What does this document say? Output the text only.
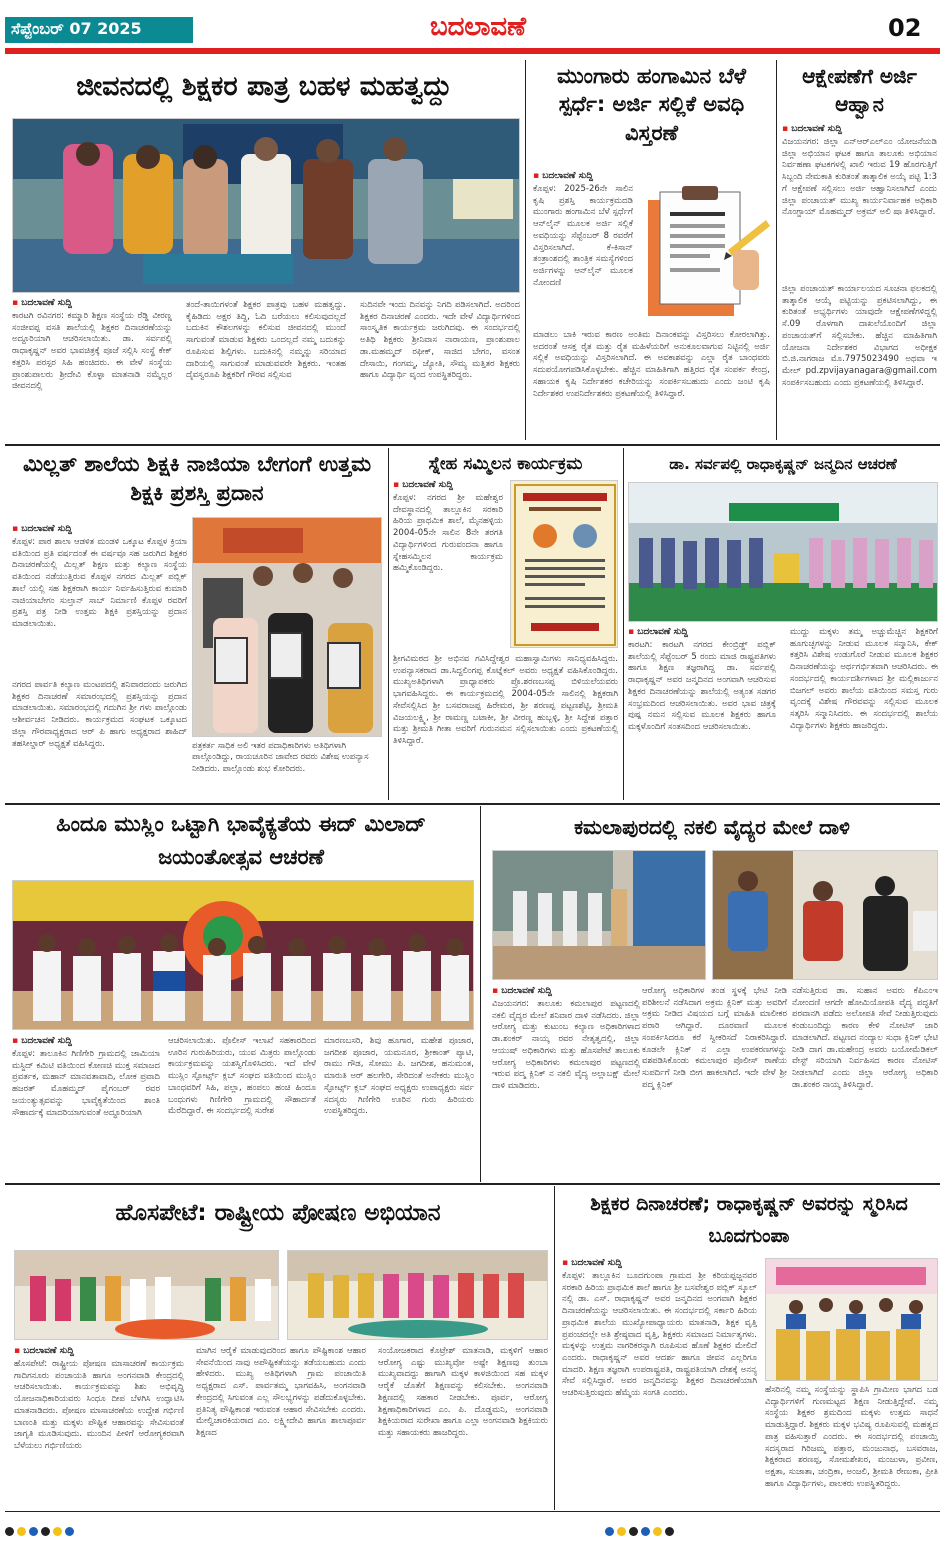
ಸೆಪ್ಟೆಂಬರ್ 07 2025	ಬದಲಾವಣೆ	02
ಜೀವನದಲ್ಲಿ ಶಿಕ್ಷಕರ ಪಾತ್ರ ಬಹಳ ಮಹತ್ವದ್ದು
▪ ಬದಲಾವಣೆ ಸುದ್ದಿ
ಕಾರಟಗಿ ರವಿನಗರ: ಕಮ್ಮಾರಿ ಶಿಕ್ಷಣ ಸಂಸ್ಥೆಯ ರೆಡ್ಡಿ ವೀರಣ್ಣ ಸಂಜೀವಪ್ಪ ವಸತಿ ಶಾಲೆಯಲ್ಲಿ ಶಿಕ್ಷಕರ ದಿನಾಚರಣೆಯನ್ನು ಅದ್ದೂರಿಯಾಗಿ ಆಚರಿಸಲಾಯಿತು. ಡಾ. ಸರ್ವಪಲ್ಲಿ ರಾಧಾಕೃಷ್ಣನ್ ಅವರ ಭಾವಚಿತ್ರಕ್ಕೆ ಪೂಜೆ ಸಲ್ಲಿಸಿ ಸಂಸ್ಥೆ ಕೇಕ್ ಕತ್ತರಿಸಿ ಪರಸ್ಪರ ಸಿಹಿ ಹಂಚಿದರು. ಈ ವೇಳೆ ಸಂಸ್ಥೆಯ ಪ್ರಾಂಶುಪಾಲರು ಶ್ರೀದೇವಿ ಕೊಳ್ಳಾ ಮಾತನಾಡಿ ನಮ್ಮೆಲ್ಲರ ಜೀವನದಲ್ಲಿ
ತಂದೆ-ತಾಯಿಗಳಂತೆ ಶಿಕ್ಷಕರ ಪಾತ್ರವು ಬಹಳ ಮಹತ್ವದ್ದು. ಕೈಹಿಡಿದು ಅಕ್ಷರ ತಿದ್ದಿ, ಓದಿ ಬರೆಯಲು ಕಲಿಸುವುದಲ್ಲದೆ ಬದುಕಿನ ಕೌಶಲಗಳನ್ನು ಕಲಿಸುವ ಜೀವನದಲ್ಲಿ ಮುಂದೆ ಸಾಗುವಂತೆ ಮಾಡುವ ಶಿಕ್ಷಕರು ಒಂದಲ್ಲದೆ ನಮ್ಮ ಬದುಕನ್ನು ರೂಪಿಸುವ ಶಿಲ್ಪಿಗಳು. ಬದುಕಿನಲ್ಲಿ ನಮ್ಮನ್ನು ಸರಿಯಾದ ದಾರಿಯಲ್ಲಿ ಸಾಗುವಂತೆ ಮಾಡುವವರೇ ಶಿಕ್ಷಕರು. ಇಂತಹ ದೈವಸ್ವರೂಪಿ ಶಿಕ್ಷಕರಿಗೆ ಗೌರವ ಸಲ್ಲಿಸುವ
ಸುದಿನವೇ ಇಂದು ದಿನವನ್ನು ನಿಗದಿ ಪಡಿಸಲಾಗಿದೆ. ಅದರಿಂದ ಶಿಕ್ಷಕರ ದಿನಾಚರಣೆ ಎಂದರು. ಇದೇ ವೇಳೆ ವಿದ್ಯಾರ್ಥಿಗಳಿಂದ ಸಾಂಸ್ಕೃತಿಕ ಕಾರ್ಯಕ್ರಮ ಜರುಗಿದವು. ಈ ಸಂದರ್ಭದಲ್ಲಿ ಅತಿಥಿ ಶಿಕ್ಷಕರು ಶ್ರೀನಿವಾಸ ನಾರಾಯಣ, ಪ್ರಾಂಶುಪಾಲ ಡಾ.ಮಹಮ್ಮದ್ ರಫೀಕ್, ಸಾಜಿದ ಬೇಗಂ, ವಸಂತ ದೇಸಾಯಿ, ಗಂಗಮ್ಮ, ಜ್ಯೋತಿ, ಸೌಮ್ಯ ಮತ್ತಿತರ ಶಿಕ್ಷಕರು ಹಾಗೂ ವಿದ್ಯಾರ್ಥಿ ವೃಂದ ಉಪಸ್ಥಿತರಿದ್ದರು.
ಮುಂಗಾರು ಹಂಗಾಮಿನ ಬೆಳೆ ಸ್ಪರ್ಧೆ: ಅರ್ಜಿ ಸಲ್ಲಿಕೆ ಅವಧಿ ವಿಸ್ತರಣೆ
▪ ಬದಲಾವಣೆ ಸುದ್ದಿ
ಕೊಪ್ಪಳ: 2025-26ನೇ ಸಾಲಿನ ಕೃಷಿ ಪ್ರಶಸ್ತಿ ಕಾರ್ಯಕ್ರಮದಡಿ ಮುಂಗಾರು ಹಂಗಾಮಿನ ಬೆಳೆ ಸ್ಪರ್ಧೆಗೆ ಆನ್‌ಲೈನ್ ಮೂಲಕ ಅರ್ಜಿ ಸಲ್ಲಿಕೆ ಅವಧಿಯನ್ನು ಸೆಪ್ಟೆಂಬರ್ 8 ರವರೆಗೆ ವಿಸ್ತರಿಸಲಾಗಿದೆ. ಕೆ-ಕಿಸಾನ್ ತಂತ್ರಾಂಶದಲ್ಲಿ ತಾಂತ್ರಿಕ ಸಮಸ್ಯೆಗಳಿಂದ ಅರ್ಜಿಗಳನ್ನು ಆನ್‌ಲೈನ್ ಮೂಲಕ ನೋಂದಣಿ
ಮಾಡಲು ಬಾಕಿ ಇರುವ ಕಾರಣ ಅಂತಿಮ ದಿನಾಂಕವನ್ನು ವಿಸ್ತರಿಸಲು ಕೋರಲಾಗಿತ್ತು. ಅದರಂತೆ ಆಸಕ್ತ ರೈತ ಮತ್ತು ರೈತ ಮಹಿಳೆಯರಿಗೆ ಅನುಕೂಲವಾಗುವ ನಿಟ್ಟಿನಲ್ಲಿ ಅರ್ಜಿ ಸಲ್ಲಿಕೆ ಅವಧಿಯನ್ನು ವಿಸ್ತರಿಸಲಾಗಿದೆ. ಈ ಅವಕಾಶವನ್ನು ಎಲ್ಲಾ ರೈತ ಬಾಂಧವರು ಸದುಪಯೋಗಪಡಿಸಿಕೊಳ್ಳಬೇಕು. ಹೆಚ್ಚಿನ ಮಾಹಿತಿಗಾಗಿ ಹತ್ತಿರದ ರೈತ ಸಂಪರ್ಕ ಕೇಂದ್ರ, ಸಹಾಯಕ ಕೃಷಿ ನಿರ್ದೇಶಕರ ಕಚೇರಿಯನ್ನು ಸಂಪರ್ಕಿಸಬಹುದು ಎಂದು ಜಂಟಿ ಕೃಷಿ ನಿರ್ದೇಶಕರ ಉಪನಿರ್ದೇಶಕರು ಪ್ರಕಟಣೆಯಲ್ಲಿ ತಿಳಿಸಿದ್ದಾರೆ.
ಆಕ್ಷೇಪಣೆಗೆ ಅರ್ಜಿ ಆಹ್ವಾನ
▪ ಬದಲಾವಣೆ ಸುದ್ದಿ
ವಿಜಯನಗರ: ಜಿಲ್ಲಾ ಎನ್‌ಆರ್‌ಎಲ್‌ಎಂ ಯೋಜನೆಯಡಿ ಜಿಲ್ಲಾ ಅಭಿಯಾನ ಘಟಕ ಹಾಗೂ ತಾಲೂಕು ಅಭಿಯಾನ ನಿರ್ವಹಣಾ ಘಟಕಗಳಲ್ಲಿ ಖಾಲಿ ಇರುವ 19 ಹೊರಗುತ್ತಿಗೆ ಸಿಬ್ಬಂದಿ ನೇಮಕಾತಿ ಕುರಿತಂತೆ ತಾತ್ಕಾಲಿಕ ಅಯ್ಕೆ ಪಟ್ಟಿ 1:3 ಗೆ ಆಕ್ಷೇಪಣೆ ಸಲ್ಲಿಸಲು ಅರ್ಜಿ ಆಹ್ವಾನಿಸಲಾಗಿದೆ ಎಂದು ಜಿಲ್ಲಾ ಪಂಚಾಯತ್ ಮುಖ್ಯ ಕಾರ್ಯನಿರ್ವಾಹಕ ಅಧಿಕಾರಿ ನೊಂಗ್ಜಾಯ್ ಮೊಹಮ್ಮದ್ ಅಕ್ರಮ್ ಅಲಿ ಷಾ ತಿಳಿಸಿದ್ದಾರೆ.
ಜಿಲ್ಲಾ ಪಂಚಾಯತ್ ಕಾರ್ಯಾಲಯದ ಸೂಚನಾ ಫಲಕದಲ್ಲಿ ತಾತ್ಕಾಲಿಕ ಆಯ್ಕೆ ಪಟ್ಟಿಯನ್ನು ಪ್ರಕಟಿಸಲಾಗಿದ್ದು, ಈ ಕುರಿತಂತೆ ಅಭ್ಯರ್ಥಿಗಳು ಯಾವುದೇ ಆಕ್ಷೇಪಣೆಗಳಿದ್ದಲ್ಲಿ ಸೆ.09 ರೊಳಗಾಗಿ ದಾಖಲೆಯೊಂದಿಗೆ ಜಿಲ್ಲಾ ಪಂಚಾಯತ್‌ಗೆ ಸಲ್ಲಿಸಬೇಕು. ಹೆಚ್ಚಿನ ಮಾಹಿತಿಗಾಗಿ ಯೋಜನಾ ನಿರ್ದೇಶಕರ ವಿಭಾಗದ ಅಧೀಕ್ಷಕ ಬಿ.ಜಿ.ನಾಗರಾಜ ಮೊ.7975023490 ಅಥವಾ ಇ ಮೇಲ್ pd.zpvijayanagara@gmail.com ಸಂಪರ್ಕಿಸಬಹುದು ಎಂದು ಪ್ರಕಟಣೆಯಲ್ಲಿ ತಿಳಿಸಿದ್ದಾರೆ.
ಮಿಲ್ಲತ್ ಶಾಲೆಯ ಶಿಕ್ಷಕಿ ನಾಜಿಯಾ ಬೇಗಂಗೆ ಉತ್ತಮ ಶಿಕ್ಷಕಿ ಪ್ರಶಸ್ತಿ ಪ್ರದಾನ
▪ ಬದಲಾವಣೆ ಸುದ್ದಿ
ಕೊಪ್ಪಳ: ಪಾಠ ಶಾಲಾ ಆಡಳಿತ ಮಂಡಳಿ ಒಕ್ಕೂಟ ಕೊಪ್ಪಳ ಕ್ರಿಯಾ ವತಿಯಿಂದ ಪ್ರತಿ ವರ್ಷದಂತೆ ಈ ವರ್ಷವೂ ಸಹ ಜರುಗಿದ ಶಿಕ್ಷಕರ ದಿನಾಚರಣೆಯಲ್ಲಿ ಮಿಲ್ಲತ್ ಶಿಕ್ಷಣ ಮತ್ತು ಕಲ್ಯಾಣ ಸಂಸ್ಥೆಯ ವತಿಯಿಂದ ನಡೆಯುತ್ತಿರುವ ಕೊಪ್ಪಳ ನಗರದ ಮಿಲ್ಲತ್ ಪಬ್ಲಿಕ್ ಶಾಲೆ ಯಲ್ಲಿ ಸಹ ಶಿಕ್ಷಕರಾಗಿ ಕಾರ್ಯ ನಿರ್ವಹಿಸುತ್ತಿರುವ ಕುಮಾರಿ ನಾಜಿಯಾಬೇಗಂ ಸುಲ್ತಾನ್ ಸಾಬ್ ನಿರ್ಮಾಣಿ ಕೊಪ್ಪಳ ರವರಿಗೆ ಪ್ರಶಸ್ತಿ ಪತ್ರ ನೀಡಿ ಉತ್ತಮ ಶಿಕ್ಷಕಿ ಪ್ರಶಸ್ತಿಯನ್ನು ಪ್ರದಾನ ಮಾಡಲಾಯಿತು.
ನಗರದ ಪಾರ್ವತಿ ಕಲ್ಯಾಣ ಮಂಟಪದಲ್ಲಿ ಶನಿವಾರದಂದು ಜರುಗಿದ ಶಿಕ್ಷಕರ ದಿನಾಚರಣೆ ಸಮಾರಂಭದಲ್ಲಿ ಪ್ರಶಸ್ತಿಯನ್ನು ಪ್ರದಾನ ಮಾಡಲಾಯಿತು. ಸಮಾರಂಭದಲ್ಲಿ ಗದುಗಿನ ಶ್ರೀ ಗಳು ಪಾಲ್ಗೊಂಡು ಆಶೀರ್ವಚನ ನೀಡಿದರು. ಕಾರ್ಯಕ್ರಮದ ಸಂಘಟಕ ಒಕ್ಕೂಟದ ಜಿಲ್ಲಾ ಗೌರವಾಧ್ಯಕ್ಷರಾದ ಆರ್ ಪಿ ಹಾಗು ಅಧ್ಯಕ್ಷರಾದ ಶಾಹಿದ್ ತಹಸೀಲ್ದಾರ್ ಅಧ್ಯಕ್ಷತೆ ವಹಿಸಿದ್ದರು.	ಪತ್ರಕರ್ತ ಸಾಧಿಕ ಅಲಿ ಇತರ ಪದಾಧಿಕಾರಿಗಳು ಅತಿಥಿಗಳಾಗಿ ಪಾಲ್ಗೊಂಡಿದ್ದು, ರಾಯಚೂರಿನ ಜಾವೇದ ರವರು ವಿಶೇಷ ಉಪನ್ಯಾಸ ನೀಡಿದರು. ಪಾಲ್ಗೊಂಡು ಶುಭ ಕೋರಿದರು.
ಸ್ನೇಹ ಸಮ್ಮಿಲನ ಕಾರ್ಯಕ್ರಮ
▪ ಬದಲಾವಣೆ ಸುದ್ದಿ
ಕೊಪ್ಪಳ: ನಗರದ ಶ್ರೀ ಮಹೇಶ್ವರ ದೇವಸ್ಥಾನದಲ್ಲಿ ತಾಲ್ಲೂಕಿನ ಸರಕಾರಿ ಹಿರಿಯ ಪ್ರಾಥಮಿಕ ಶಾಲೆ, ಮೈನಹಳ್ಳಿಯ 2004-05ನೇ ಸಾಲಿನ 8ನೇ ತರಗತಿ ವಿದ್ಯಾರ್ಥಿಗಳಿಂದ ಗುರುವಂದನಾ ಹಾಗೂ ಸ್ನೇಹಸಮ್ಮಿಲನ ಕಾರ್ಯಕ್ರಮ ಹಮ್ಮಿಕೊಂಡಿದ್ದರು.
ಶ್ರೀಗವಿಮಠದ ಶ್ರೀ ಅಭಿನವ ಗವಿಸಿದ್ದೇಶ್ವರ ಮಹಾಸ್ವಾಮಿಗಳು ಸಾನಿಧ್ಯವಹಿಸಿದ್ದರು. ಉಪನ್ಯಾಸಕರಾದ ಡಾ.ಸಿದ್ದಲಿಂಗಪ್ಪ ಕೊಟ್ನೆಕಲ್ ಅವರು ಅಧ್ಯಕ್ಷತೆ ವಹಿಸಿಕೊಂಡಿದ್ದರು. ಮುಖ್ಯಅತಿಥಿಗಳಾಗಿ ಪ್ರಾಧ್ಯಾಪಕರು ಪ್ರೊ.ಶರಣಬಸಪ್ಪ ಬಿಳಿಯಲೆಯವರು ಭಾಗವಹಿಸಿದ್ದರು. ಈ ಕಾರ್ಯಕ್ರಮದಲ್ಲಿ 2004-05ನೇ ಸಾಲಿನಲ್ಲಿ ಶಿಕ್ಷಕರಾಗಿ ಸೇವೆಸಲ್ಲಿಸಿದ ಶ್ರೀ ಬಸವರಾಜಪ್ಪ ಹಿರೇಮಠ, ಶ್ರೀ ಶರಣಪ್ಪ ಪಟ್ಟಣಶೆಟ್ಟಿ, ಶ್ರೀಮತಿ ವಿಜಯಲಕ್ಷ್ಮಿ, ಶ್ರೀ ರಾಮಣ್ಣ ಬಟಾಕೀ, ಶ್ರೀ ವೀರಣ್ಣ ಹುಬ್ಬಳ್ಳಿ, ಶ್ರೀ ಸಿದ್ದೇಶ ಪತ್ತಾರ ಮತ್ತು ಶ್ರೀಮತಿ ಗೀತಾ ಅವರಿಗೆ ಗುರುನಮನ ಸಲ್ಲಿಸಲಾಯಿತು ಎಂದು ಪ್ರಕಟಣೆಯಲ್ಲಿ ತಿಳಿಸಿದ್ದಾರೆ.
ಡಾ. ಸರ್ವಪಲ್ಲಿ ರಾಧಾಕೃಷ್ಣನ್ ಜನ್ಮದಿನ ಆಚರಣೆ
▪ ಬದಲಾವಣೆ ಸುದ್ದಿ
ಕಾರಟಗಿ: ಕಾರಟಗಿ ನಗರದ ಕೇಂಬ್ರಿಡ್ಜ್ ಪಬ್ಲಿಕ್ ಶಾಲೆಯಲ್ಲಿ ಸೆಪ್ಟೆಂಬರ್ 5 ರಂದು ಮಾಜಿ ರಾಷ್ಟ್ರಪತಿಗಳು ಹಾಗೂ ಶಿಕ್ಷಣ ತಜ್ಞರಾಗಿದ್ದ ಡಾ. ಸರ್ವಪಲ್ಲಿ ರಾಧಾಕೃಷ್ಣನ್ ಅವರ ಜನ್ಮದಿನದ ಅಂಗವಾಗಿ ಆಚರಿಸುವ ಶಿಕ್ಷಕರ ದಿನಾಚರಣೆಯನ್ನು ಶಾಲೆಯಲ್ಲಿ ಅತ್ಯಂತ ಸಡಗರ ಸಂಭ್ರಮದಿಂದ ಆಚರಿಸಲಾಯಿತು. ಅವರ ಭಾವ ಚಿತ್ರಕ್ಕೆ ಪುಷ್ಪ ನಮನ ಸಲ್ಲಿಸುವ ಮೂಲಕ ಶಿಕ್ಷಕರು ಹಾಗೂ ಮಕ್ಕಳೊಂದಿಗೆ ಸಂತಸದಿಂದ ಆಚರಿಸಲಾಯಿತು.
ಮುದ್ದು ಮಕ್ಕಳು ತಮ್ಮ ಅಚ್ಚುಮೆಚ್ಚಿನ ಶಿಕ್ಷಕರಿಗೆ ಹೂಗುಚ್ಛಗಳನ್ನು ನೀಡುವ ಮೂಲಕ ಸನ್ಮಾನಿಸಿ, ಕೇಕ್ ಕತ್ತರಿಸಿ ವಿಶೇಷ ಉಡುಗೊರೆ ನೀಡುವ ಮೂಲಕ ಶಿಕ್ಷಕರ ದಿನಾಚರಣೆಯನ್ನು ಅರ್ಥಗರ್ಭಿತವಾಗಿ ಆಚರಿಸಿದರು. ಈ ಸಂದರ್ಭದಲ್ಲಿ ಕಾರ್ಯದರ್ಶಿಗಳಾದ ಶ್ರೀ ಮಲ್ಲಿಕಾರ್ಜುನ ಬಿಜಗಲ್ ಅವರು ಶಾಲೆಯ ವತಿಯಿಂದ ಸಮಸ್ತ ಗುರು ವೃಂದಕ್ಕೆ ವಿಶೇಷ ಗೌರವವನ್ನು ಸಲ್ಲಿಸುವ ಮೂಲಕ ಸತ್ಕರಿಸಿ ಸನ್ಮಾನಿಸಿದರು. ಈ ಸಂದರ್ಭದಲ್ಲಿ ಶಾಲೆಯ ವಿದ್ಯಾರ್ಥಿಗಳು ಶಿಕ್ಷಕರು ಹಾಜರಿದ್ದರು.
ಹಿಂದೂ ಮುಸ್ಲಿಂ ಒಟ್ಟಾಗಿ ಭಾವೈಕ್ಯತೆಯ ಈದ್ ಮಿಲಾದ್ ಜಯಂತೋತ್ಸವ ಆಚರಣೆ
▪ ಬದಲಾವಣೆ ಸುದ್ದಿ
ಕೊಪ್ಪಳ: ತಾಲೂಕಿನ ಗಿಣಿಗೇರಿ ಗ್ರಾಮದಲ್ಲಿ ಜಾಮಿಯಾ ಮಸ್ಜಿದ್ ಕಮಿಟಿ ವತಿಯಿಂದ ಕೋಣಚಿ ಮುಕ್ತ ಸಮಾಜದ ಪ್ರವರ್ತಕ, ಮಹಾನ್ ಮಾನವತಾವಾದಿ, ಲೋಕ ಪ್ರವಾದಿ ಹಜರತ್ ಮೊಹಮ್ಮದ್ ಪೈಗಂಬರ್ ರವರ ಜಯಂತ್ಯುತ್ಸವವನ್ನು ಭಾವೈಕ್ಯತೆಯಿಂದ ಶಾಂತಿ ಸೌಹಾರ್ದಕ್ಕೆ ಮಾದರಿಯಾಗುವಂತೆ ಅದ್ಧೂರಿಯಾಗಿ
ಆಚರಿಸಲಾಯಿತು. ಪೊಲೀಸ್ ಇಲಾಖೆ ಸಹಕಾರದಿಂದ ಊರಿನ ಗುರುಹಿರಿಯರು, ಯುವ ಮಿತ್ರರು ಪಾಲ್ಗೊಂಡು ಕಾರ್ಯಕ್ರಮವನ್ನು ಯಶಸ್ವಿಗೊಳಿಸಿದರು. ಇದೆ ವೇಳೆ ಮುಸ್ಲಿಂ ಸ್ಫೋರ್ಟ್ಸ್ ಕ್ಲಬ್ ಸಂಘದ ವತಿಯಿಂದ ಮುಸ್ಲಿಂ ಬಾಂಧವರಿಗೆ ಸಿಹಿ, ಪಲ್ಲಾ, ಹಂಪಲು ಹಂಚಿ ಹಿಂದೂ ಬಂಧುಗಳು ಗಿಣಿಗೇರಿ ಗ್ರಾಮದಲ್ಲಿ ಸೌಹಾರ್ದತೆ ಮೆರೆದಿದ್ದಾರೆ. ಈ ಸಂದರ್ಭದಲ್ಲಿ ಸುರೇಶ
ಮಾರಣಬಸರಿ, ಶಿವು ಹೂಗಾರ, ಮಹೇಶ ಪೂಜಾರ, ಜಗದೀಶ ಪೂಜಾರ, ಯಮನೂರ, ಶ್ರೀಕಾಂತ್ ಪ್ಯಾಟಿ, ರಾಮು ಗೌಡ, ಸೋಮು ಪಿ. ಜಗದೀಶ, ಹನುಮಂತ, ಮಾರುತಿ ಅರ್ ಹಲಗೇರಿ, ಸೇರಿದಂತೆ ಅನೇಕರು ಮುಸ್ಲಿಂ ಸ್ಫೋರ್ಟ್ಸ್ ಕ್ಲಬ್ ಸಂಘದ ಅಧ್ಯಕ್ಷರು ಉಪಾಧ್ಯಕ್ಷರು ಸರ್ವ ಸದಸ್ಯರು ಗಿಣಿಗೇರಿ ಊರಿನ ಗುರು ಹಿರಿಯರು ಉಪಸ್ಥಿತರಿದ್ದರು.
ಕಮಲಾಪುರದಲ್ಲಿ ನಕಲಿ ವೈದ್ಯರ ಮೇಲೆ ದಾಳಿ
▪ ಬದಲಾವಣೆ ಸುದ್ದಿ
ವಿಜಯನಗರ: ತಾಲೂಕು ಕಮಲಾಪುರ ಪಟ್ಟಣದಲ್ಲಿ ನಕಲಿ ವೈದ್ಯರ ಮೇಲೆ ಶನಿವಾರ ದಾಳಿ ನಡೆಸಿದರು. ಜಿಲ್ಲಾ ಆರೋಗ್ಯ ಮತ್ತು ಕುಟುಂಬ ಕಲ್ಯಾಣ ಅಧಿಕಾರಿಗಳಾದ ಡಾ.ಶಂಕರ್ ನಾಯ್ಕ ರವರ ನೇತೃತ್ವದಲ್ಲಿ, ಜಿಲ್ಲಾ ಆಯುಷ್ ಅಧಿಕಾರಿಗಳು ಮತ್ತು ಹೊಸಪೇಟೆ ತಾಲೂಕು ಆರೋಗ್ಯ ಅಧಿಕಾರಿಗಳು ಕಮಲಾಪುರ ಪಟ್ಟಣದಲ್ಲಿ ಇರುವ ಪದ್ಮ ಕ್ಲಿನಿಕ್ ನ ನಕಲಿ ವೈದ್ಯ ಅಲ್ಲಾಬಕ್ಷ್ ಮೇಲೆ ದಾಳಿ ಮಾಡಿದರು.
ಆರೋಗ್ಯ ಅಧಿಕಾರಿಗಳ ತಂಡ ಸ್ಥಳಕ್ಕೆ ಭೇಟಿ ನೀಡಿ ಪರಿಶೀಲನೆ ನಡೆಸಿದಾಗ ಅಕ್ರಮ ಕ್ಲಿನಿಕ್ ಮತ್ತು ಅವರಿಗೆ ಅಕ್ರಮ ನೀಡಿದ ವಿಷಯದ ಬಗ್ಗೆ ಮಾಹಿತಿ ಮಾಲೀಕರ ಪರಾರಿ ಆಗಿದ್ದಾರೆ. ದೂರವಾಣಿ ಮೂಲಕ ಸಂಪರ್ಕಿಸಿದರೂ ಕರೆ ಸ್ವೀಕರಿಸದೆ ನಿರಾಕರಿಸಿದ್ದಾರೆ. ಕೂಡಲೇ ಕ್ಲಿನಿಕ್ ನ ಎಲ್ಲಾ ಉಪಕರಣಗಳನ್ನು ವಶಪಡಿಸಿಕೊಂಡು ಕಮಲಾಪುರ ಪೊಲೀಸ್ ಠಾಣೆಯ ಸುಪರ್ದಿಗೆ ನೀಡಿ ಬೀಗ ಹಾಕಲಾಗಿದೆ. ಇದೇ ವೇಳೆ ಶ್ರೀ ಪದ್ಮ ಕ್ಲಿನಿಕ್
ನಡೆಸುತ್ತಿರುವ ಡಾ. ಸುಹಾನ ಅವರು ಕೆಪಿಎಂಇ ನೋಂದಣಿ ಆಗದೇ ಹೋಮಿಯೋಪತಿ ವೈದ್ಯ ಪದ್ಧತಿಗೆ ಪರವಾನಗಿ ಪಡೆದು ಅಲೋಪತಿ ಸೇವೆ ನೀಡುತ್ತಿರುವುದು ಕಂಡುಬಂದಿದ್ದು ಕಾರಣ ಕೇಳಿ ನೋಟಿಸ್ ಜಾರಿ ಮಾಡಲಾಗಿದೆ. ಪಟ್ಟಣದ ನಂದ್ಯಾಲ ಸುಧಾ ಕ್ಲಿನಿಕ್ ಭೇಟಿ ನೀಡಿ ದಾಗ ಡಾ.ಮಹೇಂದ್ರ ಅವರು ಬಯೋಮೆಡಿಕಲ್ ವೇಸ್ಟ್ ಸರಿಯಾಗಿ ನಿರ್ವಹಿಸದ ಕಾರಣ ನೋಟಿಸ್ ನೀಡಲಾಗಿದೆ ಎಂದು ಜಿಲ್ಲಾ ಆರೋಗ್ಯ ಅಧಿಕಾರಿ ಡಾ.ಶಂಕರ ನಾಯ್ಕ ತಿಳಿಸಿದ್ದಾರೆ.
ಹೊಸಪೇಟೆ: ರಾಷ್ಟ್ರೀಯ ಪೋಷಣ ಅಭಿಯಾನ
▪ ಬದಲಾವಣೆ ಸುದ್ದಿ
ಹೊಸಪೇಟೆ: ರಾಷ್ಟ್ರೀಯ ಪೋಷಣ ಮಾಸಾಚರಣೆ ಕಾರ್ಯಕ್ರಮ ಗಾದಿಗನೂರು ಪಂಚಾಯತಿ ಹಾಗೂ ಅಂಗನವಾಡಿ ಕೇಂದ್ರದಲ್ಲಿ ಆಚರಿಸಲಾಯಿತು. ಕಾರ್ಯಕ್ರಮವನ್ನು ಶಿಶು ಅಭಿವೃದ್ಧಿ ಯೋಜನಾಧಿಕಾರಿಯವರು ಸಿಂಧೂ ದೀಪ ಬೆಳಗಿಸಿ ಉದ್ಘಾಟಿಸಿ ಮಾತನಾಡಿದರು. ಪೋಷಣ ಮಾಸಾಚರಣೆಯ ಉದ್ದೇಶ ಗರ್ಭಿಣಿ ಬಾಣಂತಿ ಮತ್ತು ಮಕ್ಕಳು ಪೌಷ್ಟಿಕ ಆಹಾರವನ್ನು ಸೇವಿಸುವಂತೆ ಜಾಗೃತಿ ಮೂಡಿಸುವುದು. ಮುಂದಿನ ಪೀಳಿಗೆ ಆರೋಗ್ಯಕರವಾಗಿ ಬೆಳೆಯಲು ಗರ್ಭಿಣಿಯರು
ಮಾಗಿನ ಆರೈಕೆ ಮಾಡುವುದರಿಂದ ಹಾಗೂ ಪೌಷ್ಟಿಕಾಂಶ ಆಹಾರ ಸೇವನೆಯಿಂದ ನಾವು ಅಪೌಷ್ಟಿಕತೆಯನ್ನು ತಡೆಯಬಹುದು ಎಂದು ಹೇಳಿದರು. ಮುಖ್ಯ ಅತಿಥಿಗಳಾಗಿ ಗ್ರಾಮ ಪಂಚಾಯಿತಿ ಅಧ್ಯಕ್ಷರಾದ ಎಸ್. ಪಾರ್ವತಮ್ಮ ಭಾಗವಹಿಸಿ, ಅಂಗನವಾಡಿ ಕೇಂದ್ರದಲ್ಲಿ ಸಿಗುವಂತ ಎಲ್ಲ ಸೌಲಭ್ಯಗಳನ್ನು ಪಡೆದುಕೊಳ್ಳಬೇಕು. ಪ್ರತಿನಿತ್ಯ ಪೌಷ್ಟಿಕಾಂಶ ಇರುವಂತ ಆಹಾರ ಸೇವಿಸಬೇಕು ಎಂದರು. ಮೇಲ್ವಿಚಾರಕಿಯರಾದ ಎಂ. ಲಕ್ಷ್ಮೀದೇವಿ ಹಾಗೂ ಶಾಲಾಪೂರ್ವ ಶಿಕ್ಷಣದ
ಸಂಯೋಜಕರಾದ ಕೊಟ್ರೇಶ್ ಮಾತನಾಡಿ, ಮಕ್ಕಳಿಗೆ ಆಹಾರ ಆರೋಗ್ಯ ಎಷ್ಟು ಮುಖ್ಯವೋ ಅಷ್ಟೇ ಶಿಕ್ಷಣವು ತುಂಬಾ ಮುಖ್ಯವಾದದ್ದು ಹಾಗಾಗಿ ಮಕ್ಕಳ ಕಾಳಜಿಯಿಂದ ಸಹ ಮಕ್ಕಳ ಆರೈಕೆ ಜೊತೆಗೆ ಶಿಕ್ಷಣವನ್ನು ಕಲಿಸಬೇಕು. ಅಂಗನವಾಡಿ ಶಿಕ್ಷಣದಲ್ಲಿ ಸಹಕಾರ ನೀಡಬೇಕು. ಪೂರ್ವ, ಆರೋಗ್ಯ ಶಿಕ್ಷಣಾಧಿಕಾರಿಗಳಾದ ಎಂ. ಪಿ. ದೊಡ್ಡಮನಿ, ಅಂಗನವಾಡಿ ಶಿಕ್ಷಕಿಯರಾದ ಸುರೇಖಾ ಹಾಗೂ ಎಲ್ಲಾ ಅಂಗನವಾಡಿ ಶಿಕ್ಷಕಿಯರು ಮತ್ತು ಸಹಾಯಕರು ಹಾಜರಿದ್ದರು.
ಶಿಕ್ಷಕರ ದಿನಾಚರಣೆ; ರಾಧಾಕೃಷ್ಣನ್ ಅವರನ್ನು ಸ್ಮರಿಸಿದ ಬೂದಗುಂಪಾ
▪ ಬದಲಾವಣೆ ಸುದ್ದಿ
ಕೊಪ್ಪಳ: ತಾಲ್ಲೂಕಿನ ಬೂದಗುಂಪಾ ಗ್ರಾಮದ ಶ್ರೀ ಕರಿಯಪ್ಪಜ್ಜನವರ ಸರಕಾರಿ ಹಿರಿಯ ಪ್ರಾಥಮಿಕ ಶಾಲೆ ಹಾಗೂ ಶ್ರೀ ಬಸವೇಶ್ವರ ಪಬ್ಲಿಕ್ ಸ್ಕೂಲ್ ನಲ್ಲಿ ಡಾ. ಎಸ್. ರಾಧಾಕೃಷ್ಣನ್ ಅವರ ಜನ್ಮದಿನದ ಅಂಗವಾಗಿ ಶಿಕ್ಷಕರ ದಿನಾಚರಣೆಯನ್ನು ಆಚರಿಸಲಾಯಿತು. ಈ ಸಂದರ್ಭದಲ್ಲಿ ಸರ್ಕಾರಿ ಹಿರಿಯ ಪ್ರಾಥಮಿಕ ಶಾಲೆಯ ಮುಖ್ಯೋಪಾಧ್ಯಾಯರು ಮಾತನಾಡಿ, ಶಿಕ್ಷಕ ವೃತ್ತಿ ಪ್ರಪಂಚದಲ್ಲೇ ಅತಿ ಶ್ರೇಷ್ಠವಾದ ವೃತ್ತಿ, ಶಿಕ್ಷಕರು ಸಮಾಜದ ನಿರ್ಮಾತೃಗಳು. ಮಕ್ಕಳನ್ನು ಉತ್ತಮ ನಾಗರಿಕರನ್ನಾಗಿ ರೂಪಿಸುವ ಹೊಣೆ ಶಿಕ್ಷಕರ ಮೇಲಿದೆ ಎಂದರು. ರಾಧಾಕೃಷ್ಣನ್ ಅವರ ಆದರ್ಶ ಹಾಗೂ ಜೀವನ ಎಲ್ಲರಿಗೂ ಮಾದರಿ. ಶಿಕ್ಷಣ ತಜ್ಞರಾಗಿ ಉಪರಾಷ್ಟ್ರಪತಿ, ರಾಷ್ಟ್ರಪತಿಯಾಗಿ ದೇಶಕ್ಕೆ ಅನನ್ಯ ಸೇವೆ ಸಲ್ಲಿಸಿದ್ದಾರೆ. ಅವರ ಜನ್ಮದಿನವನ್ನು ಶಿಕ್ಷಕರ ದಿನಾಚರಣೆಯಾಗಿ ಆಚರಿಸುತ್ತಿರುವುದು ಹೆಮ್ಮೆಯ ಸಂಗತಿ ಎಂದರು.	ಹೆಸರಿನಲ್ಲಿ ನಮ್ಮ ಸಂಸ್ಥೆಯನ್ನು ಸ್ಥಾಪಿಸಿ ಗ್ರಾಮೀಣ ಭಾಗದ ಬಡ ವಿದ್ಯಾರ್ಥಿಗಳಿಗೆ ಗುಣಮಟ್ಟದ ಶಿಕ್ಷಣ ನೀಡುತ್ತಿದ್ದೇವೆ. ನಮ್ಮ ಸಂಸ್ಥೆಯ ಶಿಕ್ಷಕರ ಶ್ರಮದಿಂದ ಮಕ್ಕಳು ಉತ್ತಮ ಸಾಧನೆ ಮಾಡುತ್ತಿದ್ದಾರೆ. ಶಿಕ್ಷಕರು ಮಕ್ಕಳ ಭವಿಷ್ಯ ರೂಪಿಸುವಲ್ಲಿ ಮಹತ್ವದ ಪಾತ್ರ ವಹಿಸುತ್ತಾರೆ ಎಂದರು. ಈ ಸಂದರ್ಭದಲ್ಲಿ ಪಂಚಾಯ್ತಿ ಸದಸ್ಯರಾದ ಗಿರಿಜಮ್ಮ ಪತ್ತಾರ, ಮಂಜುನಾಥ, ಬಸವರಾಜ, ಶಿಕ್ಷಕರಾದ ಶರಣಪ್ಪ, ಸೋಮಶೇಖರ, ಮಂಜುಳಾ, ಪ್ರವೀಣ, ಅಕ್ಷತಾ, ಸುಜಾತಾ, ಚಂದ್ರಿಕಾ, ಅಂಜಲಿ, ಶ್ರೀಮತಿ ರೇಣುಕಾ, ಪ್ರೀತಿ ಹಾಗೂ ವಿದ್ಯಾರ್ಥಿಗಳು, ಪಾಲಕರು ಉಪಸ್ಥಿತರಿದ್ದರು.
